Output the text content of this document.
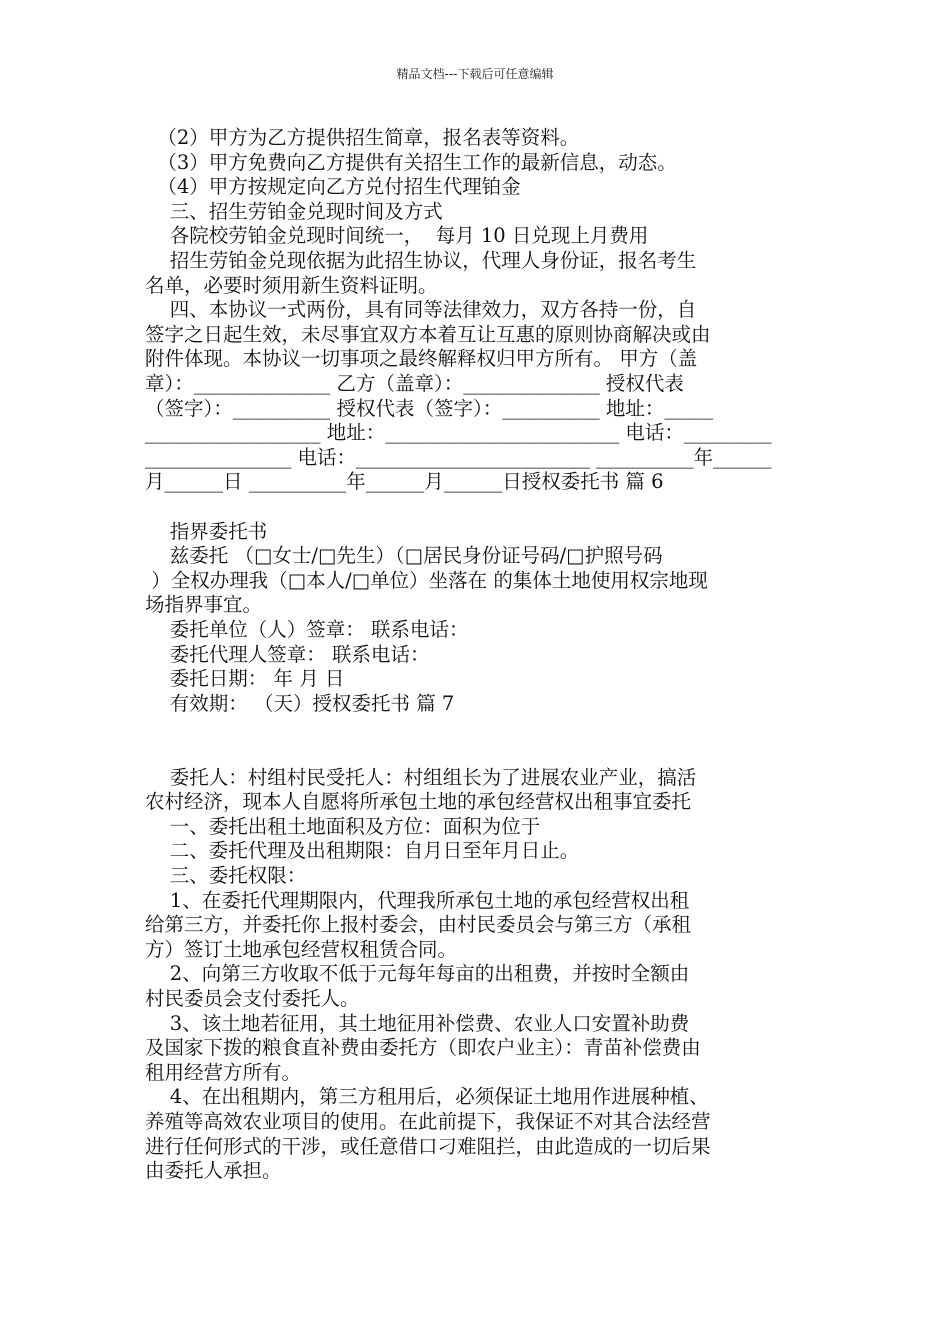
精品文档---下载后可任意编辑
（2）甲方为乙方提供招生简章，报名表等资料。
（3）甲方免费向乙方提供有关招生工作的最新信息，动态。
（4）甲方按规定向乙方兑付招生代理铂金
三、招生劳铂金兑现时间及方式
各院校劳铂金兑现时间统一，  每月 10 日兑现上月费用
招生劳铂金兑现依据为此招生协议，代理人身份证，报名考生
名单，必要时须用新生资料证明。
四、本协议一式两份，具有同等法律效力，双方各持一份，自
签字之日起生效，未尽事宜双方本着互让互惠的原则协商解决或由
附件体现。本协议一切事项之最终解释权归甲方所有。 甲方（盖
章）：______________ 乙方（盖章）：______________ 授权代表
（签字）：__________ 授权代表（签字）：__________ 地址：_____
__________________ 地址：________________________ 电话：_________
_______________ 电话：________________________ __________年______
月______日 __________年______月______日授权委托书 篇 6
指界委托书
兹委托 （□女士/□先生）（□居民身份证号码/□护照号码
）全权办理我（□本人/□单位）坐落在 的集体土地使用权宗地现
场指界事宜。
委托单位（人）签章： 联系电话：
委托代理人签章： 联系电话：
委托日期： 年 月 日
有效期： （天）授权委托书 篇 7
委托人：村组村民受托人：村组组长为了进展农业产业，搞活
农村经济，现本人自愿将所承包土地的承包经营权出租事宜委托
一、委托出租土地面积及方位：面积为位于
二、委托代理及出租期限：自月日至年月日止。
三、委托权限：
1、在委托代理期限内，代理我所承包土地的承包经营权出租
给第三方，并委托你上报村委会，由村民委员会与第三方（承租
方）签订土地承包经营权租赁合同。
2、向第三方收取不低于元每年每亩的出租费，并按时全额由
村民委员会支付委托人。
3、该土地若征用，其土地征用补偿费、农业人口安置补助费
及国家下拨的粮食直补费由委托方（即农户业主）：青苗补偿费由
租用经营方所有。
4、在出租期内，第三方租用后，必须保证土地用作进展种植、
养殖等高效农业项目的使用。在此前提下，我保证不对其合法经营
进行任何形式的干涉，或任意借口刁难阻拦，由此造成的一切后果
由委托人承担。
